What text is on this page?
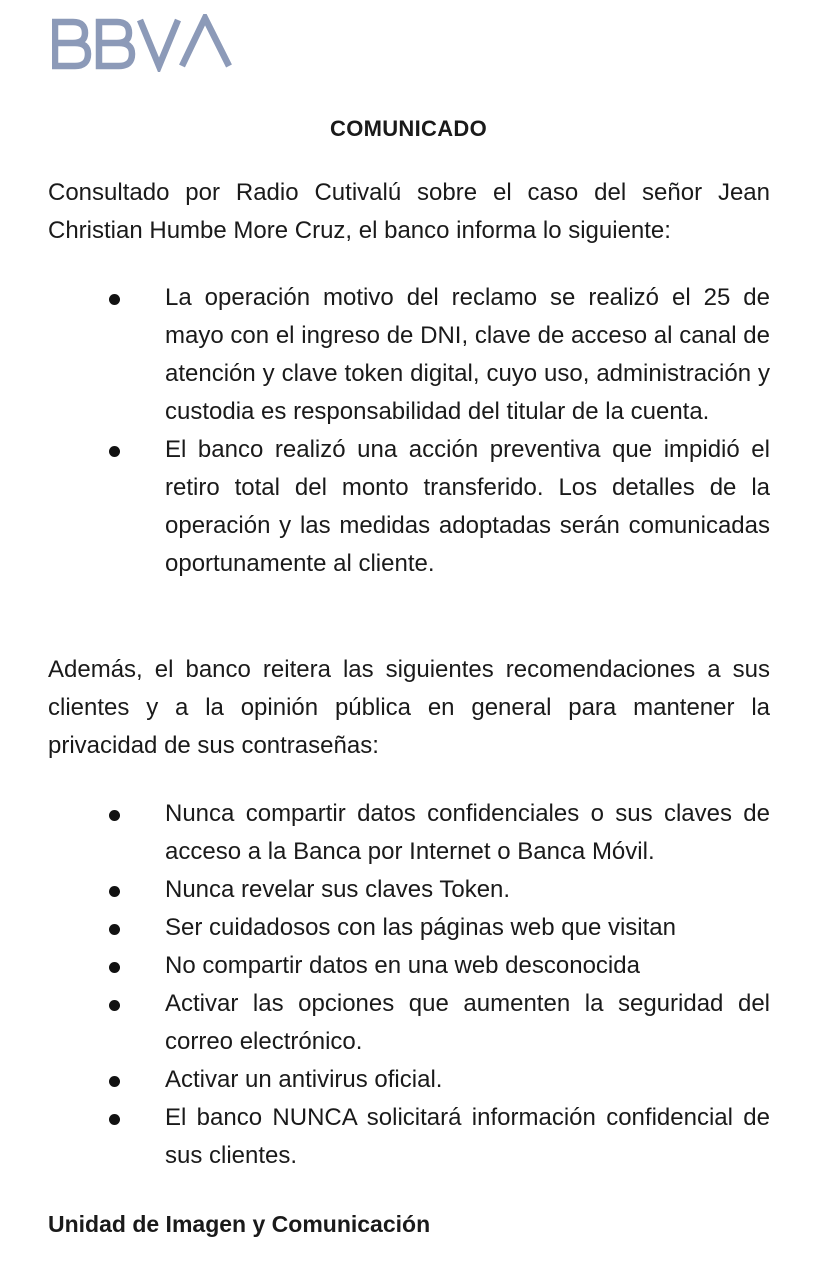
COMUNICADO

Consultado por Radio Cutivalú sobre el caso del señor Jean Christian Humbe More Cruz, el banco informa lo siguiente:

La operación motivo del reclamo se realizó el 25 de mayo con el ingreso de DNI, clave de acceso al canal de atención y clave token digital, cuyo uso, administración y custodia es responsabilidad del titular de la cuenta.
El banco realizó una acción preventiva que impidió el retiro total del monto transferido. Los detalles de la operación y las medidas adoptadas serán comunicadas oportunamente al cliente.

Además, el banco reitera las siguientes recomendaciones a sus clientes y a la opinión pública en general para mantener la privacidad de sus contraseñas:

Nunca compartir datos confidenciales o sus claves de acceso a la Banca por Internet o Banca Móvil.
Nunca revelar sus claves Token.
Ser cuidadosos con las páginas web que visitan
No compartir datos en una web desconocida
Activar las opciones que aumenten la seguridad del correo electrónico.
Activar un antivirus oficial.
El banco NUNCA solicitará información confidencial de sus clientes.
Unidad de Imagen y Comunicación
